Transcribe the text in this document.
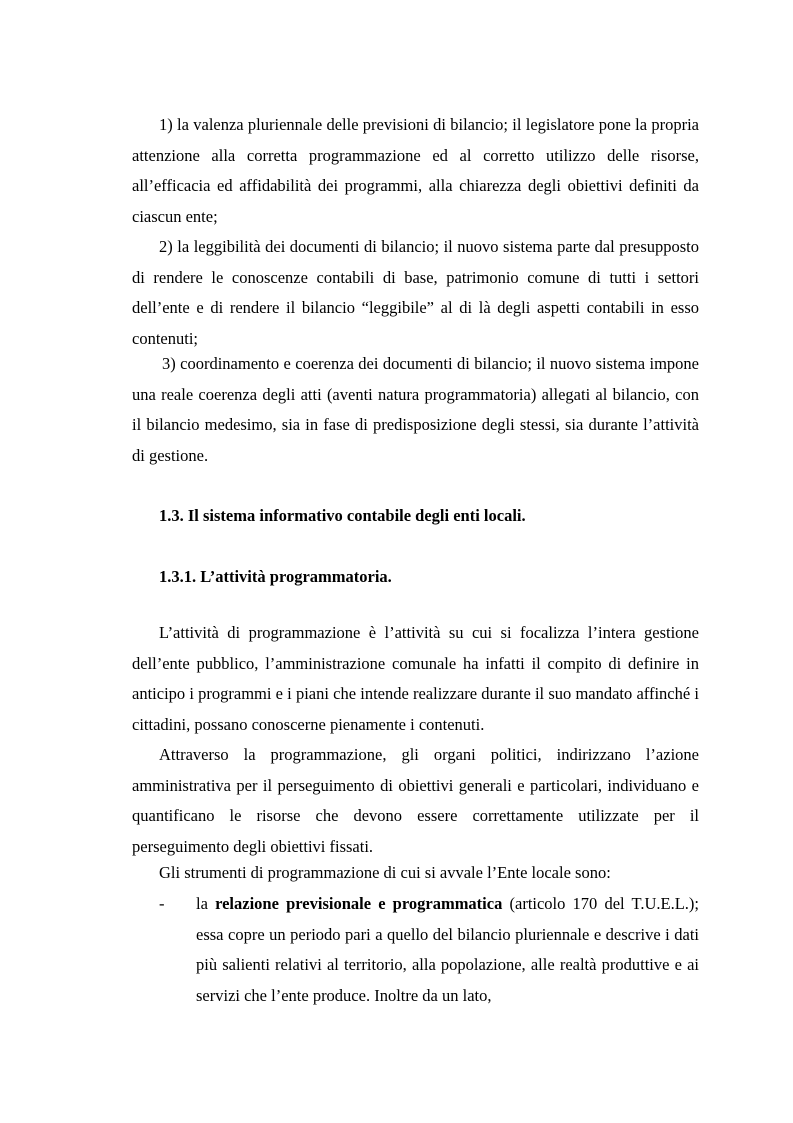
1) la valenza pluriennale delle previsioni di bilancio; il legislatore pone la propria attenzione alla corretta programmazione ed al corretto utilizzo delle risorse, all’efficacia ed affidabilità dei programmi, alla chiarezza degli obiettivi definiti da ciascun ente;

2) la leggibilità dei documenti di bilancio; il nuovo sistema parte dal presupposto di rendere le conoscenze contabili di base, patrimonio comune di tutti i settori dell’ente e di rendere il bilancio “leggibile” al di là degli aspetti contabili in esso contenuti;

3) coordinamento e coerenza dei documenti di bilancio; il nuovo sistema impone una reale coerenza degli atti (aventi natura programmatoria) allegati al bilancio, con il bilancio medesimo, sia in fase di predisposizione degli stessi, sia durante l’attività di gestione.

1.3. Il sistema informativo contabile degli enti locali.
1.3.1. L’attività programmatoria.

L’attività di programmazione è l’attività su cui si focalizza l’intera gestione dell’ente pubblico, l’amministrazione comunale ha infatti il compito di definire in anticipo i programmi e i piani che intende realizzare durante il suo mandato affinché i cittadini, possano conoscerne pienamente i contenuti.

Attraverso la programmazione, gli organi politici, indirizzano l’azione amministrativa per il perseguimento di obiettivi generali e particolari, individuano e quantificano le risorse che devono essere correttamente utilizzate per il perseguimento degli obiettivi fissati.

Gli strumenti di programmazione di cui si avvale l’Ente locale sono:

- la relazione previsionale e programmatica (articolo 170 del T.U.E.L.); essa copre un periodo pari a quello del bilancio pluriennale e descrive i dati più salienti relativi al territorio, alla popolazione, alle realtà produttive e ai servizi che l’ente produce. Inoltre da un lato,
